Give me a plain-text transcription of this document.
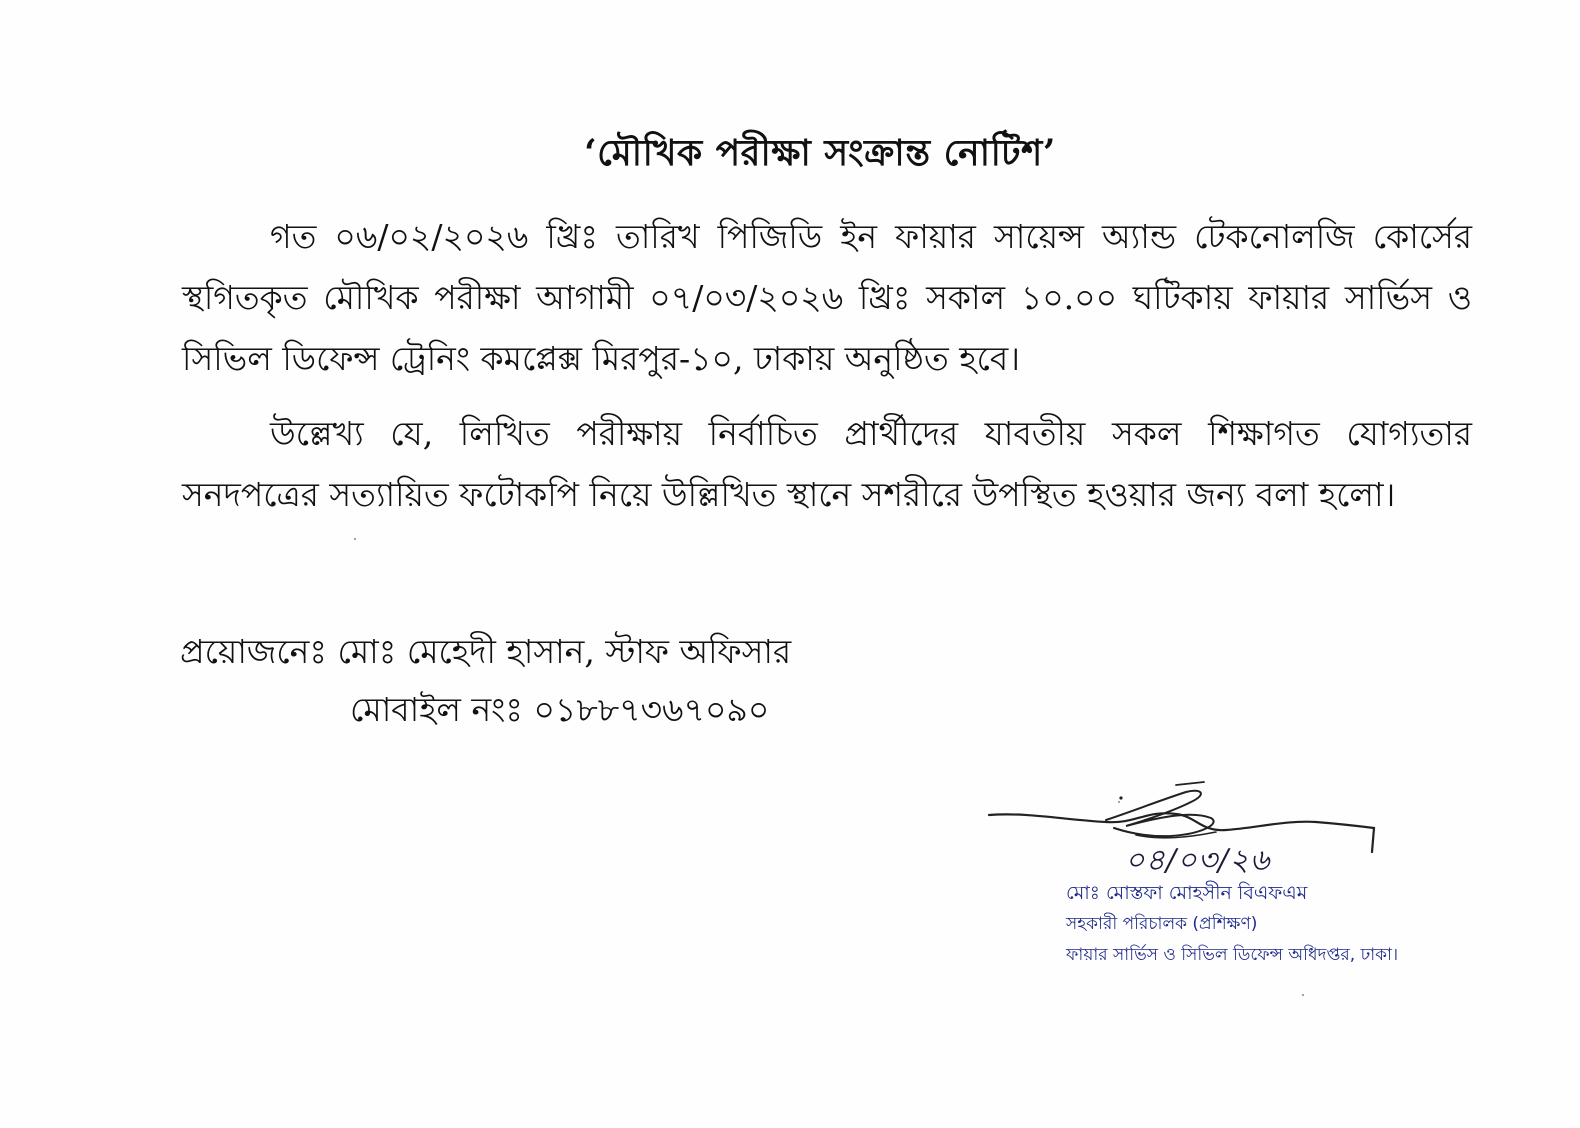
‘মৌখিক পরীক্ষা সংক্রান্ত নোটিশ’
গত ০৬/০২/২০২৬ খ্রিঃ তারিখ পিজিডি ইন ফায়ার সায়েন্স অ্যান্ড টেকনোলজি কোর্সের স্থগিতকৃত মৌখিক পরীক্ষা আগামী ০৭/০৩/২০২৬ খ্রিঃ সকাল ১০.০০ ঘটিকায় ফায়ার সার্ভিস ও সিভিল ডিফেন্স ট্রেনিং কমপ্লেক্স মিরপুর-১০, ঢাকায় অনুষ্ঠিত হবে।
উল্লেখ্য যে, লিখিত পরীক্ষায় নির্বাচিত প্রার্থীদের যাবতীয় সকল শিক্ষাগত যোগ্যতার সনদপত্রের সত্যায়িত ফটোকপি নিয়ে উল্লিখিত স্থানে সশরীরে উপস্থিত হওয়ার জন্য বলা হলো।
প্রয়োজনেঃ মোঃ মেহেদী হাসান, স্টাফ অফিসার
মোবাইল নংঃ ০১৮৮৭৩৬৭০৯০
০৪/০৩/২৬
মোঃ মোস্তফা মোহসীন বিএফএম
সহকারী পরিচালক (প্রশিক্ষণ)
ফায়ার সার্ভিস ও সিভিল ডিফেন্স অধিদপ্তর, ঢাকা।
